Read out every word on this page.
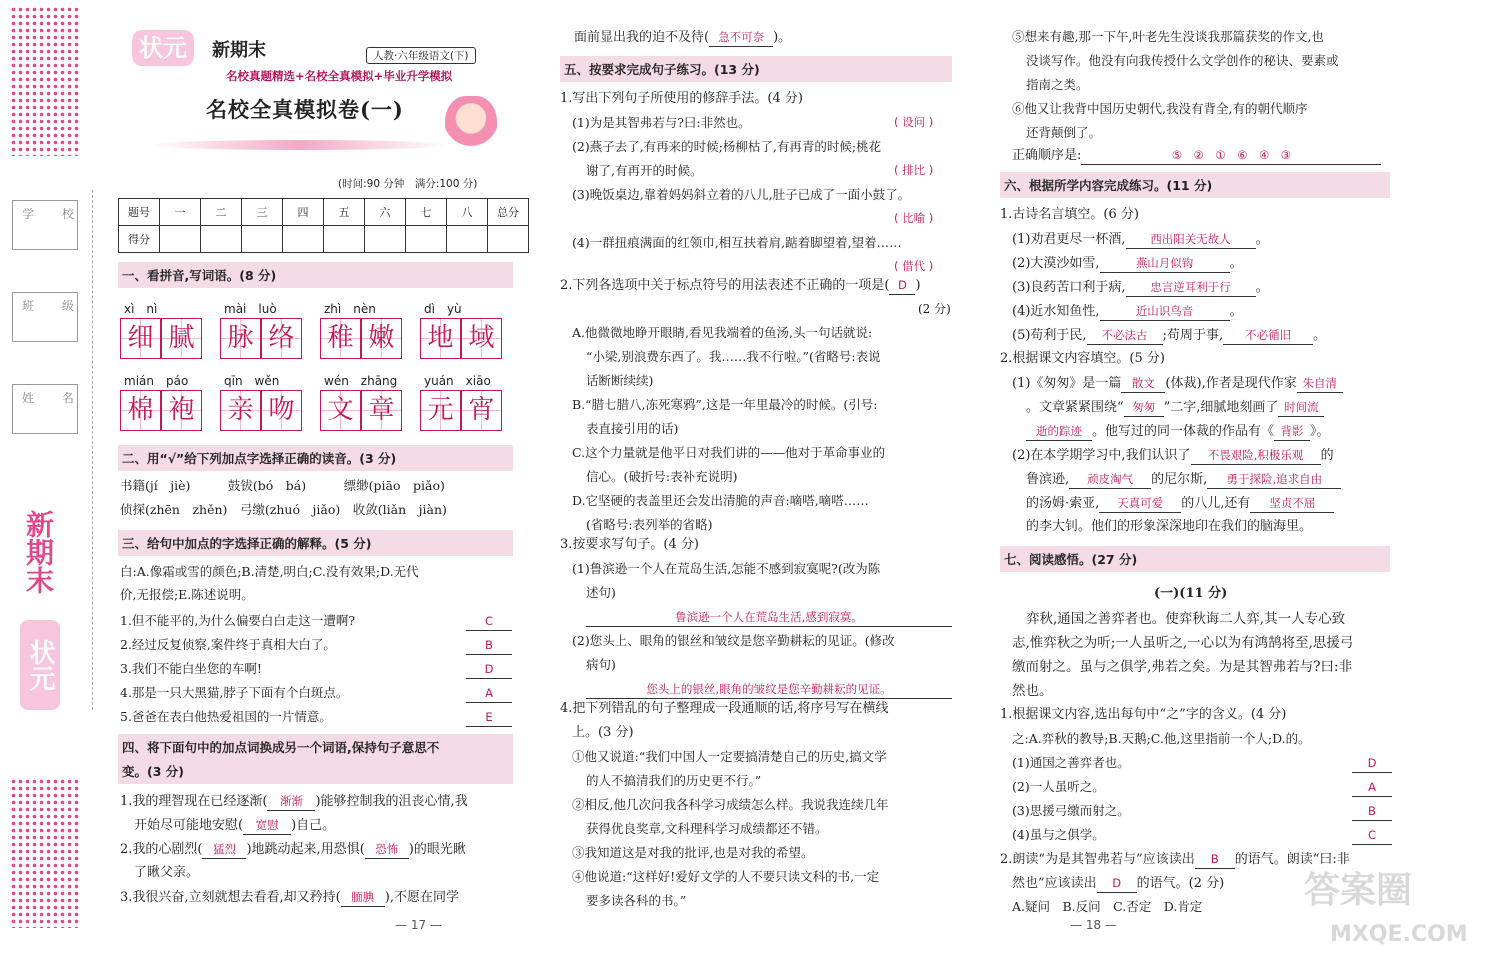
学 校
班 级
姓 名
新期末
状元
状元	新期末	人教·六年级语文(下)
名校真题精选+名校全真模拟+毕业升学模拟
名校全真模拟卷(一)
(时间:90 分钟　满分:100 分)
题号	一	二	三	四	五	六	七	八	总分
得分									
一、看拼音,写词语。(8 分)
二、用“√”给下列加点字选择正确的读音。(3 分)
书籍(jí　jiè)　　　鼓钹(bó　bá)　　　缥缈(piāo　piǎo)
侦探(zhēn　zhěn)　弓缴(zhuó　jiǎo)　收敛(liǎn　jiàn)
三、给句中加点的字选择正确的解释。(5 分)
白:A.像霜或雪的颜色;B.清楚,明白;C.没有效果;D.无代
价,无报偿;E.陈述说明。
四、将下面句中的加点词换成另一个词语,保持句子意思不
变。(3 分)
答案圈
MXQE.COM
xì　nì
细 腻
mài　luò
脉 络
zhì　nèn
稚 嫩
dì　yù
地 域
mián　páo
棉 袍
qīn　wěn
亲 吻
wén　zhāng
文 章
yuán　xiāo
元 宵
1.但不能平的,为什么偏要白白走这一遭啊?	C
2.经过反复侦察,案件终于真相大白了。	B
3.我们不能白坐您的车啊!	D
4.那是一只大黑猫,脖子下面有个白斑点。	A
5.爸爸在表白他热爱祖国的一片情意。	E
1.我的理智现在已经逐渐( 渐渐 )能够控制我的沮丧心情,我
开始尽可能地安慰( 宽慰 )自己。
2.我的心剧烈( 猛烈 )地跳动起来,用恐惧( 恐怖 )的眼光瞅
了瞅父亲。
3.我很兴奋,立刻就想去看看,却又矜持( 腼腆 ),不愿在同学
— 17 —
面前显出我的迫不及待( 急不可奈 )。
五、按要求完成句子练习。(13 分)
1.写出下列句子所使用的修辞手法。(4 分)
(1)为是其智弗若与?曰:非然也。	( 设问 )
(2)燕子去了,有再来的时候;杨柳枯了,有再青的时候;桃花
谢了,有再开的时候。	( 排比 )
(3)晚饭桌边,靠着妈妈斜立着的八儿,肚子已成了一面小鼓了。
( 比喻 )
(4)一群扭痕满面的红领巾,相互扶着肩,踮着脚望着,望着……
( 借代 )
2.下列各选项中关于标点符号的用法表述不正确的一项是( D )
(2 分)
A.他微微地睁开眼睛,看见我端着的鱼汤,头一句话就说:
“小梁,别浪费东西了。我……我不行啦。”(省略号:表说
话断断续续)
B.“腊七腊八,冻死寒鸦”,这是一年里最冷的时候。(引号:
表直接引用的话)
C.这个力量就是他平日对我们讲的——他对于革命事业的
信心。(破折号:表补充说明)
D.它坚硬的表盖里还会发出清脆的声音:嘀嗒,嘀嗒……
(省略号:表列举的省略)
3.按要求写句子。(4 分)
(1)鲁滨逊一个人在荒岛生活,怎能不感到寂寞呢?(改为陈
述句)
鲁滨逊一个人在荒岛生活,感到寂寞。
(2)您头上、眼角的银丝和皱纹是您辛勤耕耘的见证。(修改
病句)
您头上的银丝,眼角的皱纹是您辛勤耕耘的见证。
4.把下列错乱的句子整理成一段通顺的话,将序号写在横线
上。(3 分)
①他又说道:“我们中国人一定要搞清楚自己的历史,搞文学
的人不搞清我们的历史更不行。”
②相反,他几次问我各科学习成绩怎么样。我说我连续几年
获得优良奖章,文科理科学习成绩都还不错。
③我知道这是对我的批评,也是对我的希望。
④他说道:“这样好!爱好文学的人不要只读文科的书,一定
要多读各科的书。”
— 18 —
⑤想来有趣,那一下午,叶老先生没谈我那篇获奖的作文,也
没谈写作。他没有向我传授什么文学创作的秘诀、要素或
指南之类。
⑥他又让我背中国历史朝代,我没有背全,有的朝代顺序
还背颠倒了。
正确顺序是:	⑤　②　①　⑥　④　③
六、根据所学内容完成练习。(11 分)
1.古诗名言填空。(6 分)
(1)劝君更尽一杯酒, 西出阳关无故人 。
(2)大漠沙如雪,	燕山月似钩	。
(3)良药苦口利于病, 忠言逆耳利于行 。
(4)近水知鱼性,	近山识鸟音	。
(5)苟利于民, 不必法古 ;苟周于事, 不必循旧 。
2.根据课文内容填空。(5 分)
(1)《匆匆》是一篇 散文 (体裁),作者是现代作家 朱自清
。文章紧紧围绕“ 匆匆 ”二字,细腻地刻画了 时间流
逝的踪迹 。他写过的同一体裁的作品有《 背影 》。
(2)在本学期学习中,我们认识了 不畏艰险,积极乐观 的
鲁滨逊, 顽皮淘气 的尼尔斯, 勇于探险,追求自由
的汤姆·索亚, 天真可爱 的八儿,还有 坚贞不屈
的李大钊。他们的形象深深地印在我们的脑海里。
七、阅读感悟。(27 分)
(一)(11 分)
弈秋,通国之善弈者也。使弈秋诲二人弈,其一人专心致
志,惟弈秋之为听;一人虽听之,一心以为有鸿鹄将至,思援弓
缴而射之。虽与之俱学,弗若之矣。为是其智弗若与?曰:非
然也。
1.根据课文内容,选出每句中“之”字的含义。(4 分)
之:A.弈秋的教导;B.天鹅;C.他,这里指前一个人;D.的。
(1)通国之善弈者也。	D
(2)一人虽听之。	A
(3)思援弓缴而射之。	B
(4)虽与之俱学。	C
2.朗读“为是其智弗若与”应该读出 B 的语气。朗读“曰:非
然也”应该读出 D 的语气。(2 分)
A.疑问　B.反问　C.否定　D.肯定
